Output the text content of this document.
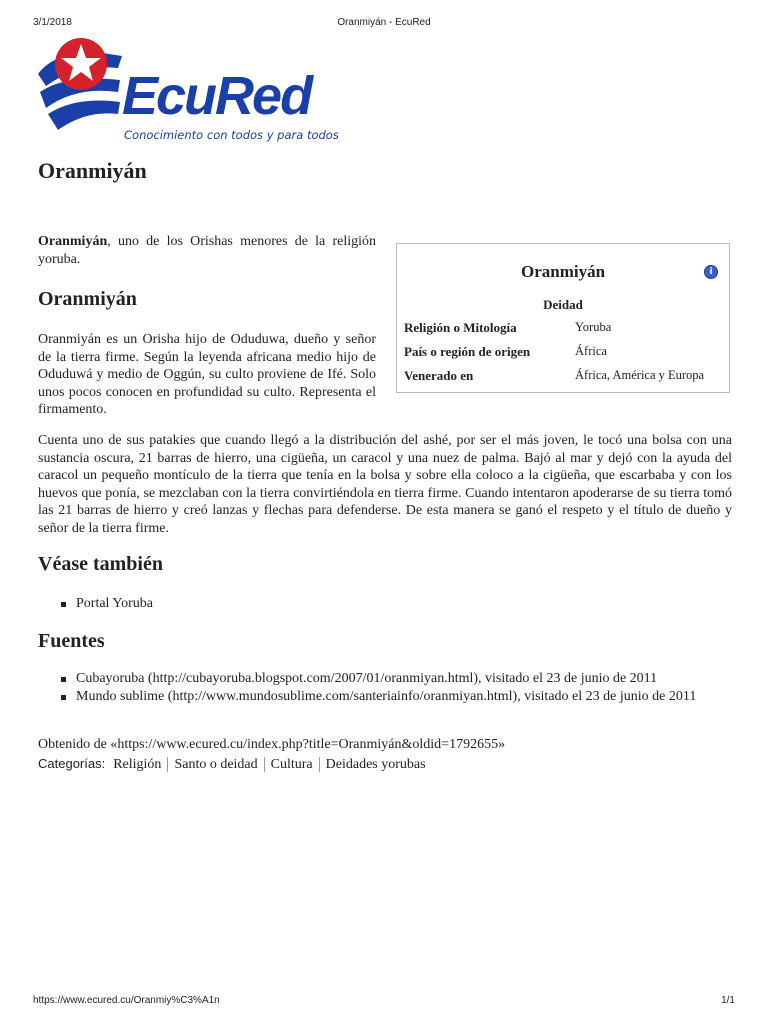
3/1/2018	Oranmiyán - EcuRed
EcuRed
Conocimiento con todos y para todos
Oranmiyán

Oranmiyán, uno de los Orishas menores de la religión yoruba.

Oranmiyán	i
Deidad
Religión o Mitología	Yoruba
País o región de origen	África
Venerado en	África, América y Europa
Oranmiyán

Oranmiyán es un Orisha hijo de Oduduwa, dueño y señor de la tierra firme. Según la leyenda africana medio hijo de Oduduwá y medio de Oggún, su culto proviene de Ifé. Solo unos pocos conocen en profundidad su culto. Representa el firmamento.

Cuenta uno de sus patakies que cuando llegó a la distribución del ashé, por ser el más joven, le tocó una bolsa con una sustancia oscura, 21 barras de hierro, una cigüeña, un caracol y una nuez de palma. Bajó al mar y dejó con la ayuda del caracol un pequeño montículo de la tierra que tenía en la bolsa y sobre ella coloco a la cigüeña, que escarbaba y con los huevos que ponía, se mezclaban con la tierra convirtiéndola en tierra firme. Cuando intentaron apoderarse de su tierra tomó las 21 barras de hierro y creó lanzas y flechas para defenderse. De esta manera se ganó el respeto y el título de dueño y señor de la tierra firme.

Véase también
Portal Yoruba
Fuentes
Cubayoruba (http://cubayoruba.blogspot.com/2007/01/oranmiyan.html), visitado el 23 de junio de 2011
Mundo sublime (http://www.mundosublime.com/santeriainfo/oranmiyan.html), visitado el 23 de junio de 2011

Obtenido de «https://www.ecured.cu/index.php?title=Oranmiyán&oldid=1792655»

Categorías: Religión Santo o deidad Cultura Deidades yorubas
https://www.ecured.cu/Oranmiy%C3%A1n	1/1
